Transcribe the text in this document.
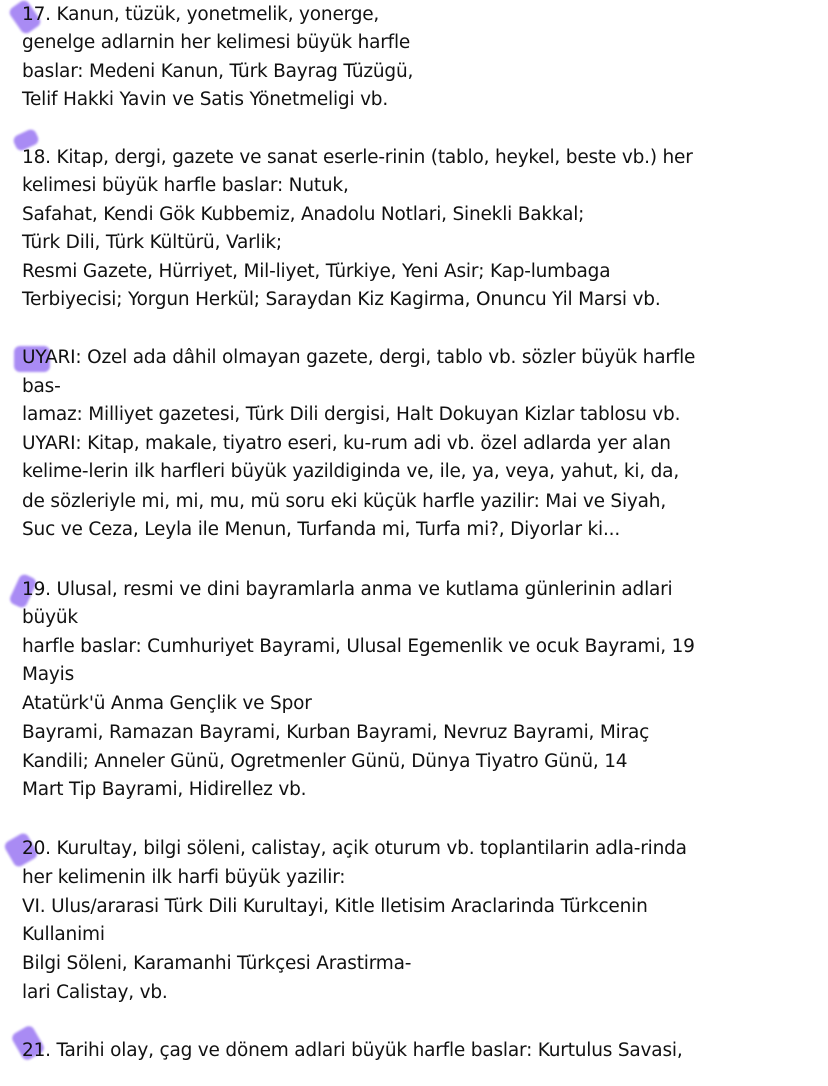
17. Kanun, tüzük, yonetmelik, yonerge,
genelge adlarnin her kelimesi büyük harfle
baslar: Medeni Kanun, Türk Bayrag Tüzügü,
Telif Hakki Yavin ve Satis Yönetmeligi vb.
18. Kitap, dergi, gazete ve sanat eserle-rinin (tablo, heykel, beste vb.) her
kelimesi büyük harfle baslar: Nutuk,
Safahat, Kendi Gök Kubbemiz, Anadolu Notlari, Sinekli Bakkal;
Türk Dili, Türk Kültürü, Varlik;
Resmi Gazete, Hürriyet, Mil-liyet, Türkiye, Yeni Asir; Kap-lumbaga
Terbiyecisi; Yorgun Herkül; Saraydan Kiz Kagirma, Onuncu Yil Marsi vb.
UYARI: Ozel ada dâhil olmayan gazete, dergi, tablo vb. sözler büyük harfle
bas-
lamaz: Milliyet gazetesi, Türk Dili dergisi, Halt Dokuyan Kizlar tablosu vb.
UYARI: Kitap, makale, tiyatro eseri, ku-rum adi vb. özel adlarda yer alan
kelime-lerin ilk harfleri büyük yazildiginda ve, ile, ya, veya, yahut, ki, da,
de sözleriyle mi, mi, mu, mü soru eki küçük harfle yazilir: Mai ve Siyah,
Suc ve Ceza, Leyla ile Menun, Turfanda mi, Turfa mi?, Diyorlar ki...
19. Ulusal, resmi ve dini bayramlarla anma ve kutlama günlerinin adlari
büyük
harfle baslar: Cumhuriyet Bayrami, Ulusal Egemenlik ve ocuk Bayrami, 19
Mayis
Atatürk'ü Anma Gençlik ve Spor
Bayrami, Ramazan Bayrami, Kurban Bayrami, Nevruz Bayrami, Miraç
Kandili; Anneler Günü, Ogretmenler Günü, Dünya Tiyatro Günü, 14
Mart Tip Bayrami, Hidirellez vb.
20. Kurultay, bilgi söleni, calistay, açik oturum vb. toplantilarin adla-rinda
her kelimenin ilk harfi büyük yazilir:
VI. Ulus/ararasi Türk Dili Kurultayi, Kitle lletisim Araclarinda Türkcenin
Kullanimi
Bilgi Söleni, Karamanhi Türkçesi Arastirma-
lari Calistay, vb.
21. Tarihi olay, çag ve dönem adlari büyük harfle baslar: Kurtulus Savasi,
